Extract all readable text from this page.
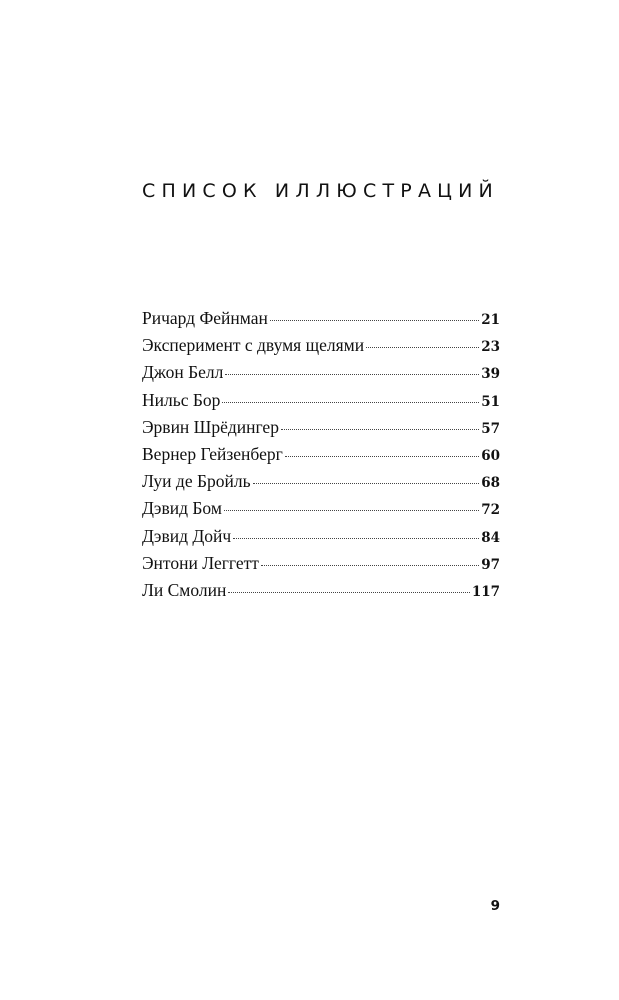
СПИСОК ИЛЛЮСТРАЦИЙ
Ричард Фейнман	21
Эксперимент с двумя щелями	23
Джон Белл	39
Нильс Бор	51
Эрвин Шрёдингер	57
Вернер Гейзенберг	60
Луи де Бройль	68
Дэвид Бом	72
Дэвид Дойч	84
Энтони Леггетт	97
Ли Смолин	117

9
